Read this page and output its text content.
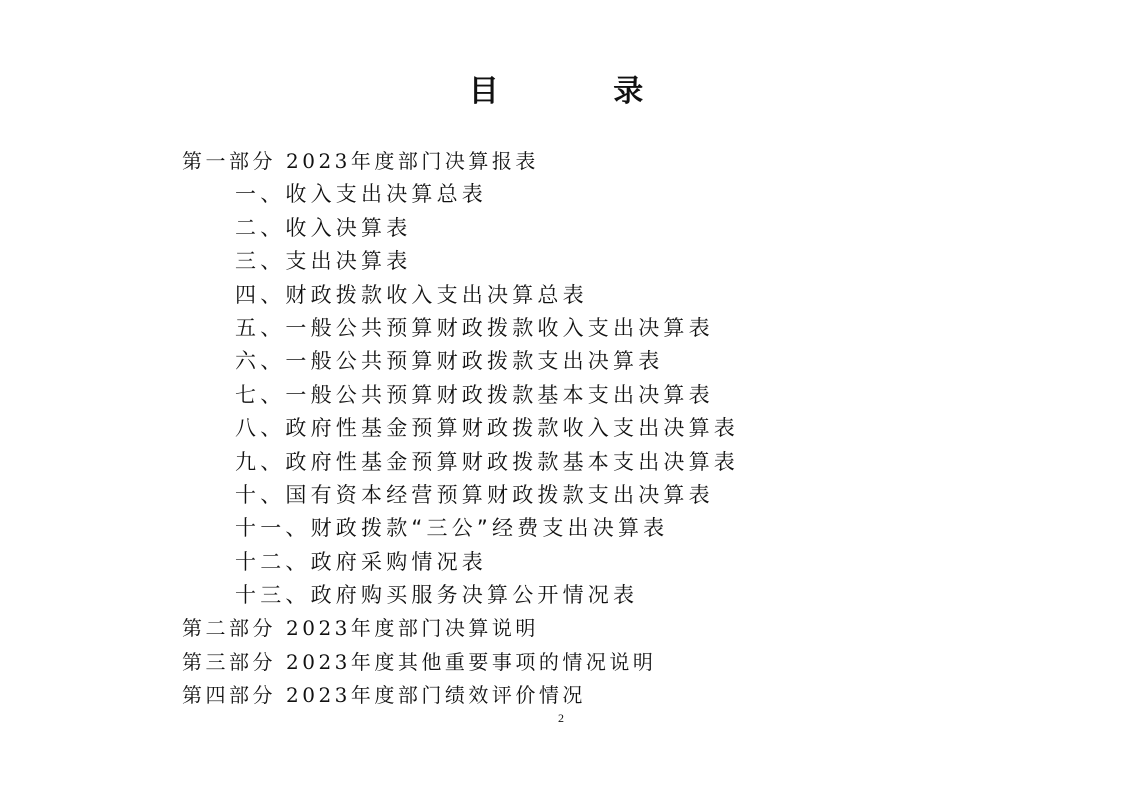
目 录
第一部分 2023年度部门决算报表
一、收入支出决算总表
二、收入决算表
三、支出决算表
四、财政拨款收入支出决算总表
五、一般公共预算财政拨款收入支出决算表
六、一般公共预算财政拨款支出决算表
七、一般公共预算财政拨款基本支出决算表
八、政府性基金预算财政拨款收入支出决算表
九、政府性基金预算财政拨款基本支出决算表
十、国有资本经营预算财政拨款支出决算表
十一、财政拨款“三公”经费支出决算表
十二、政府采购情况表
十三、政府购买服务决算公开情况表
第二部分 2023年度部门决算说明
第三部分 2023年度其他重要事项的情况说明
第四部分 2023年度部门绩效评价情况
2
